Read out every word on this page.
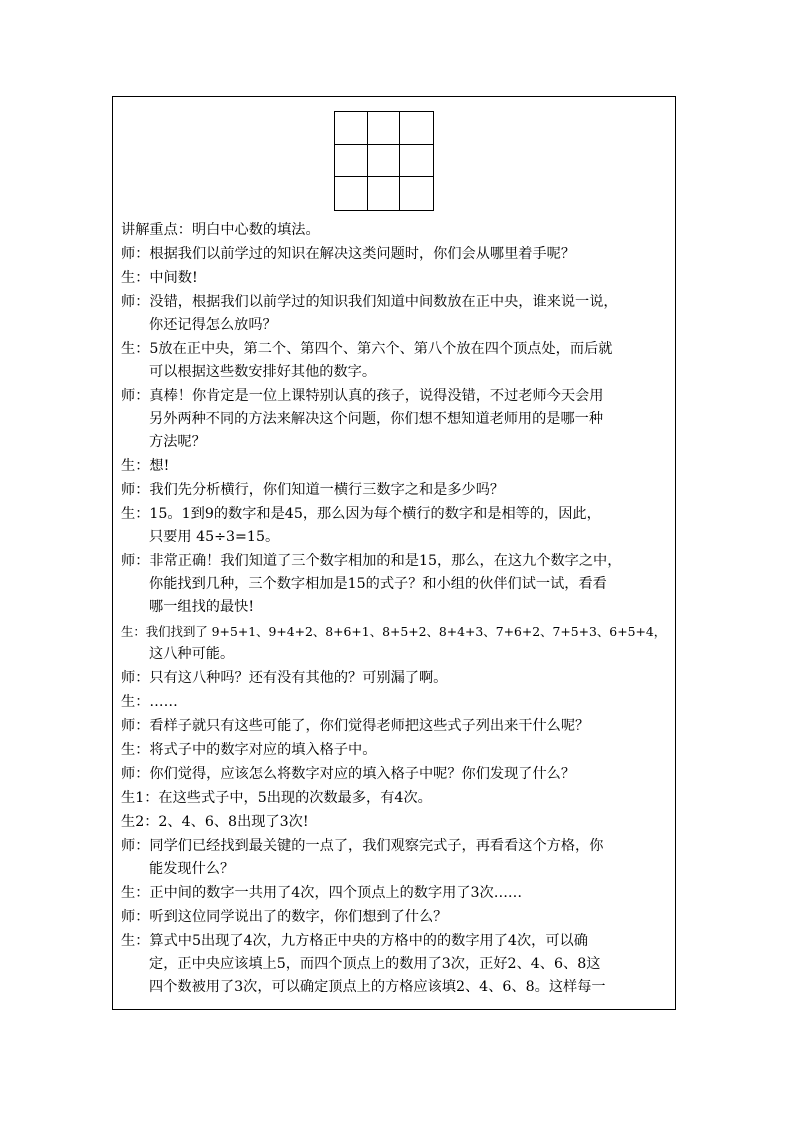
讲解重点：明白中心数的填法。
师：根据我们以前学过的知识在解决这类问题时，你们会从哪里着手呢？
生：中间数!
师：没错，根据我们以前学过的知识我们知道中间数放在正中央，谁来说一说，
你还记得怎么放吗？
生：5放在正中央，第二个、第四个、第六个、第八个放在四个顶点处，而后就
可以根据这些数安排好其他的数字。
师：真棒！你肯定是一位上课特别认真的孩子，说得没错，不过老师今天会用
另外两种不同的方法来解决这个问题，你们想不想知道老师用的是哪一种
方法呢？
生：想!
师：我们先分析横行，你们知道一横行三数字之和是多少吗？
生：15。1到9的数字和是45，那么因为每个横行的数字和是相等的，因此，
只要用 45÷3=15。
师：非常正确！我们知道了三个数字相加的和是15，那么，在这九个数字之中，
你能找到几种，三个数字相加是15的式子？和小组的伙伴们试一试，看看
哪一组找的最快!
生：我们找到了 9+5+1、9+4+2、8+6+1、8+5+2、8+4+3、7+6+2、7+5+3、6+5+4，
这八种可能。
师：只有这八种吗？还有没有其他的？可别漏了啊。
生：……
师：看样子就只有这些可能了，你们觉得老师把这些式子列出来干什么呢？
生：将式子中的数字对应的填入格子中。
师：你们觉得，应该怎么将数字对应的填入格子中呢？你们发现了什么？
生1：在这些式子中，5出现的次数最多，有4次。
生2：2、4、6、8出现了3次!
师：同学们已经找到最关键的一点了，我们观察完式子，再看看这个方格，你
能发现什么？
生：正中间的数字一共用了4次，四个顶点上的数字用了3次……
师：听到这位同学说出了的数字，你们想到了什么？
生：算式中5出现了4次，九方格正中央的方格中的的数字用了4次，可以确
定，正中央应该填上5，而四个顶点上的数用了3次，正好2、4、6、8这
四个数被用了3次，可以确定顶点上的方格应该填2、4、6、8。这样每一
